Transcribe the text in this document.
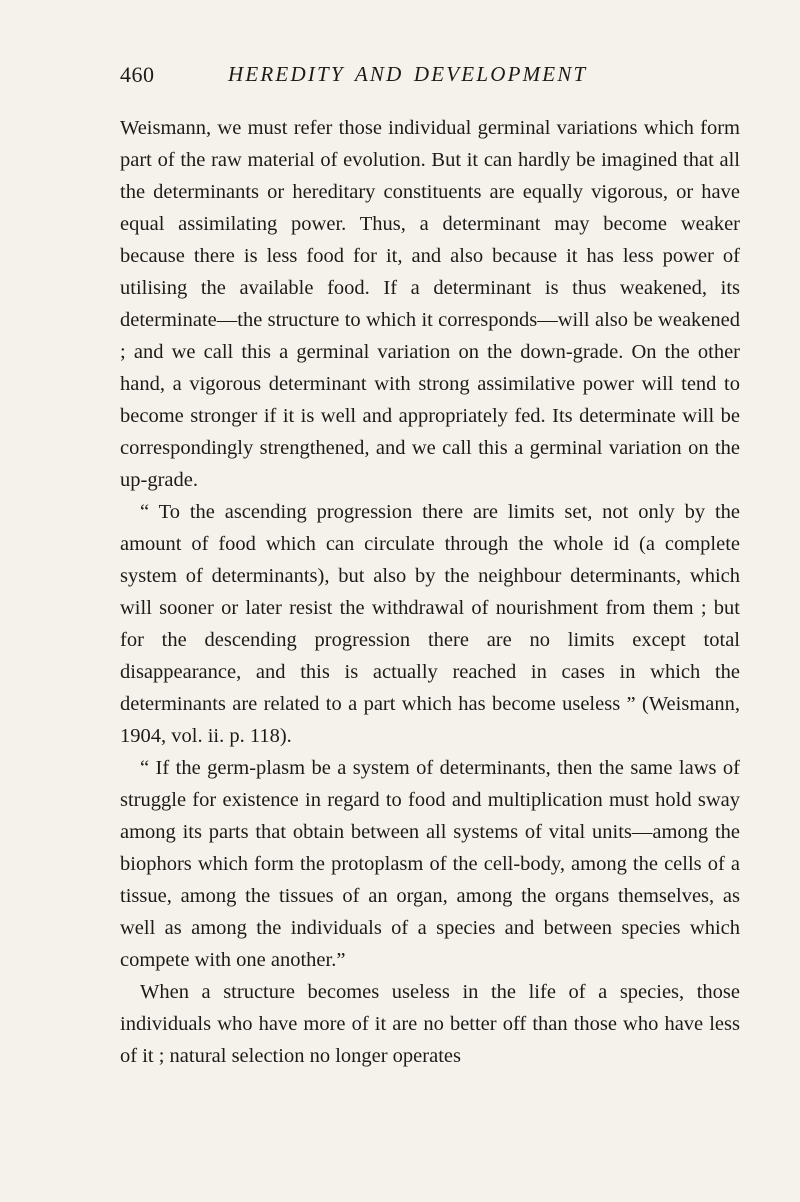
460	HEREDITY AND DEVELOPMENT

Weismann, we must refer those individual germinal variations which form part of the raw material of evolution. But it can hardly be imagined that all the determinants or hereditary constituents are equally vigorous, or have equal assimilating power. Thus, a determinant may become weaker because there is less food for it, and also because it has less power of utilising the available food. If a determinant is thus weakened, its determinate—the structure to which it corresponds—will also be weakened ; and we call this a germinal variation on the down-grade. On the other hand, a vigorous determinant with strong assimilative power will tend to become stronger if it is well and appropriately fed. Its determinate will be correspondingly strengthened, and we call this a germinal variation on the up-grade.

“ To the ascending progression there are limits set, not only by the amount of food which can circulate through the whole id (a complete system of determinants), but also by the neighbour determinants, which will sooner or later resist the withdrawal of nourishment from them ; but for the descending progression there are no limits except total disappearance, and this is actually reached in cases in which the determinants are related to a part which has become useless ” (Weismann, 1904, vol. ii. p. 118).

“ If the germ-plasm be a system of determinants, then the same laws of struggle for existence in regard to food and multiplication must hold sway among its parts that obtain between all systems of vital units—among the biophors which form the protoplasm of the cell-body, among the cells of a tissue, among the tissues of an organ, among the organs themselves, as well as among the individuals of a species and between species which compete with one another.”

When a structure becomes useless in the life of a species, those individuals who have more of it are no better off than those who have less of it ; natural selection no longer operates
